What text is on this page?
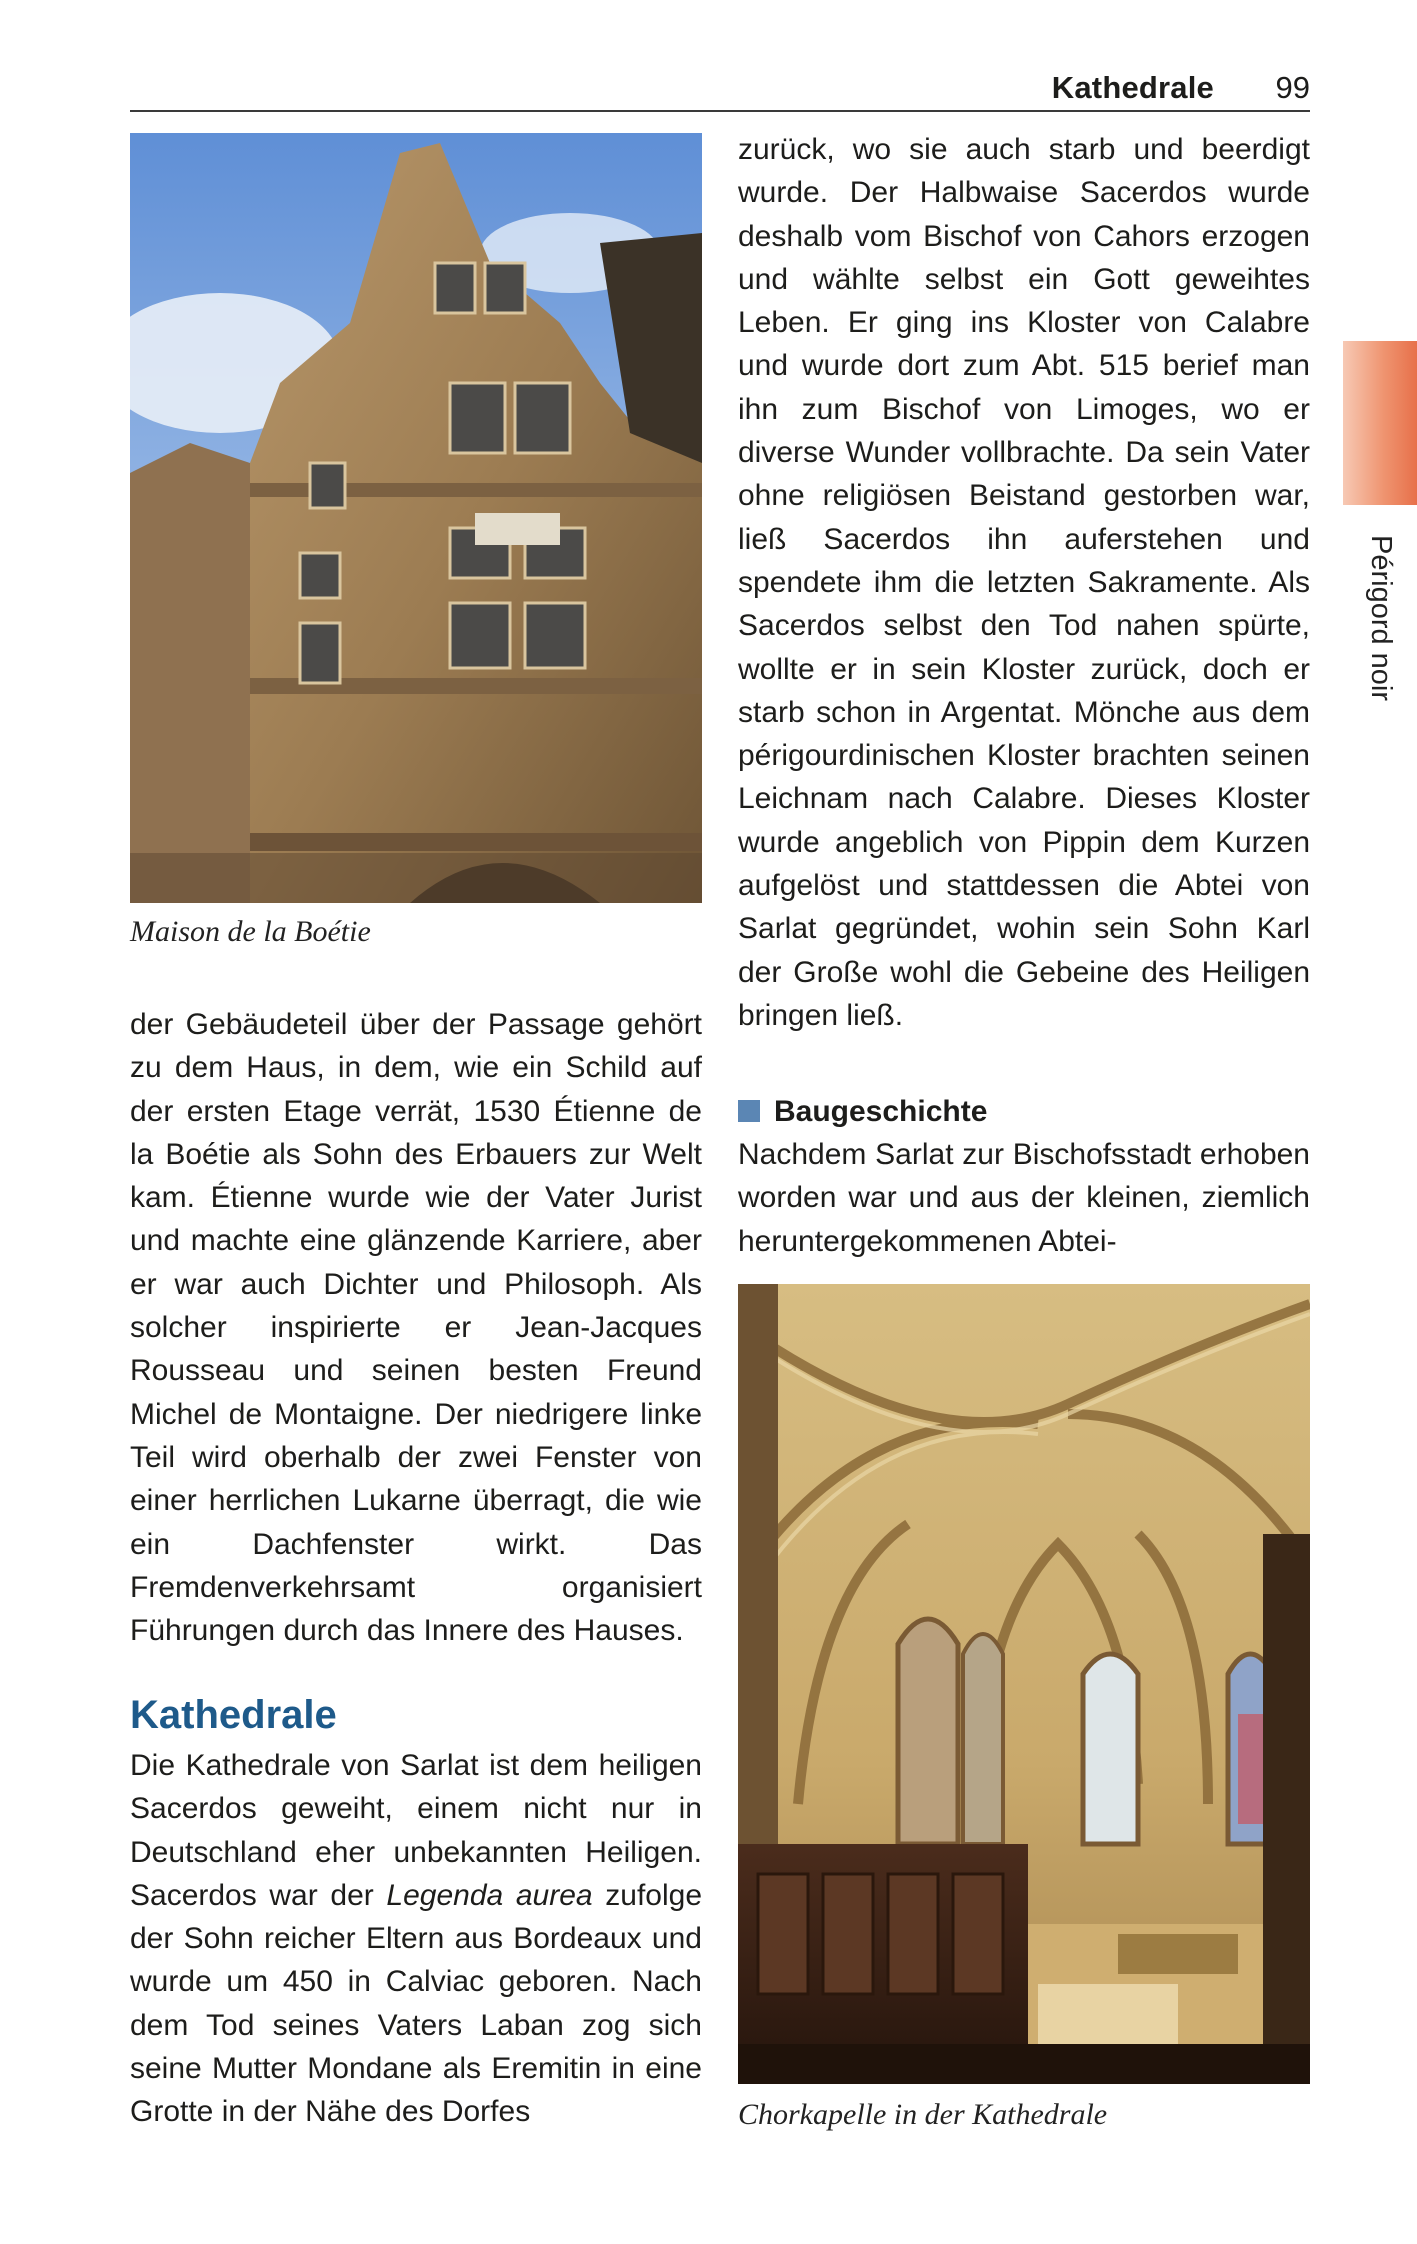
Kathedrale 99
Périgord noir
Maison de la Boétie

der Gebäudeteil über der Passage gehört zu dem Haus, in dem, wie ein Schild auf der ersten Etage verrät, 1530 Étienne de la Boétie als Sohn des Erbauers zur Welt kam. Étienne wurde wie der Vater Jurist und machte eine glänzende Karriere, aber er war auch Dichter und Philosoph. Als solcher inspirierte er Jean-Jacques Rousseau und seinen besten Freund Michel de Montaigne. Der niedrigere linke Teil wird oberhalb der zwei Fenster von einer herrlichen Lukarne überragt, die wie ein Dachfenster wirkt. Das Fremdenverkehrsamt organisiert Führungen durch das Innere des Hauses.

Kathedrale

Die Kathedrale von Sarlat ist dem heiligen Sacerdos geweiht, einem nicht nur in Deutschland eher unbekannten Heiligen. Sacerdos war der Legenda aurea zufolge der Sohn reicher Eltern aus Bordeaux und wurde um 450 in Calviac geboren. Nach dem Tod seines Vaters Laban zog sich seine Mutter Mondane als Eremitin in eine Grotte in der Nähe des Dorfes

zurück, wo sie auch starb und beerdigt wurde. Der Halbwaise Sacerdos wurde deshalb vom Bischof von Cahors erzogen und wählte selbst ein Gott geweihtes Leben. Er ging ins Kloster von Calabre und wurde dort zum Abt. 515 berief man ihn zum Bischof von Limoges, wo er diverse Wunder vollbrachte. Da sein Vater ohne religiösen Beistand gestorben war, ließ Sacerdos ihn auferstehen und spendete ihm die letzten Sakramente. Als Sacerdos selbst den Tod nahen spürte, wollte er in sein Kloster zurück, doch er starb schon in Argentat. Mönche aus dem périgourdinischen Kloster brachten seinen Leichnam nach Calabre. Dieses Kloster wurde angeblich von Pippin dem Kurzen aufgelöst und stattdessen die Abtei von Sarlat gegründet, wohin sein Sohn Karl der Große wohl die Gebeine des Heiligen bringen ließ.

Baugeschichte

Nachdem Sarlat zur Bischofsstadt erhoben worden war und aus der kleinen, ziemlich heruntergekommenen Abtei-

Chorkapelle in der Kathedrale
